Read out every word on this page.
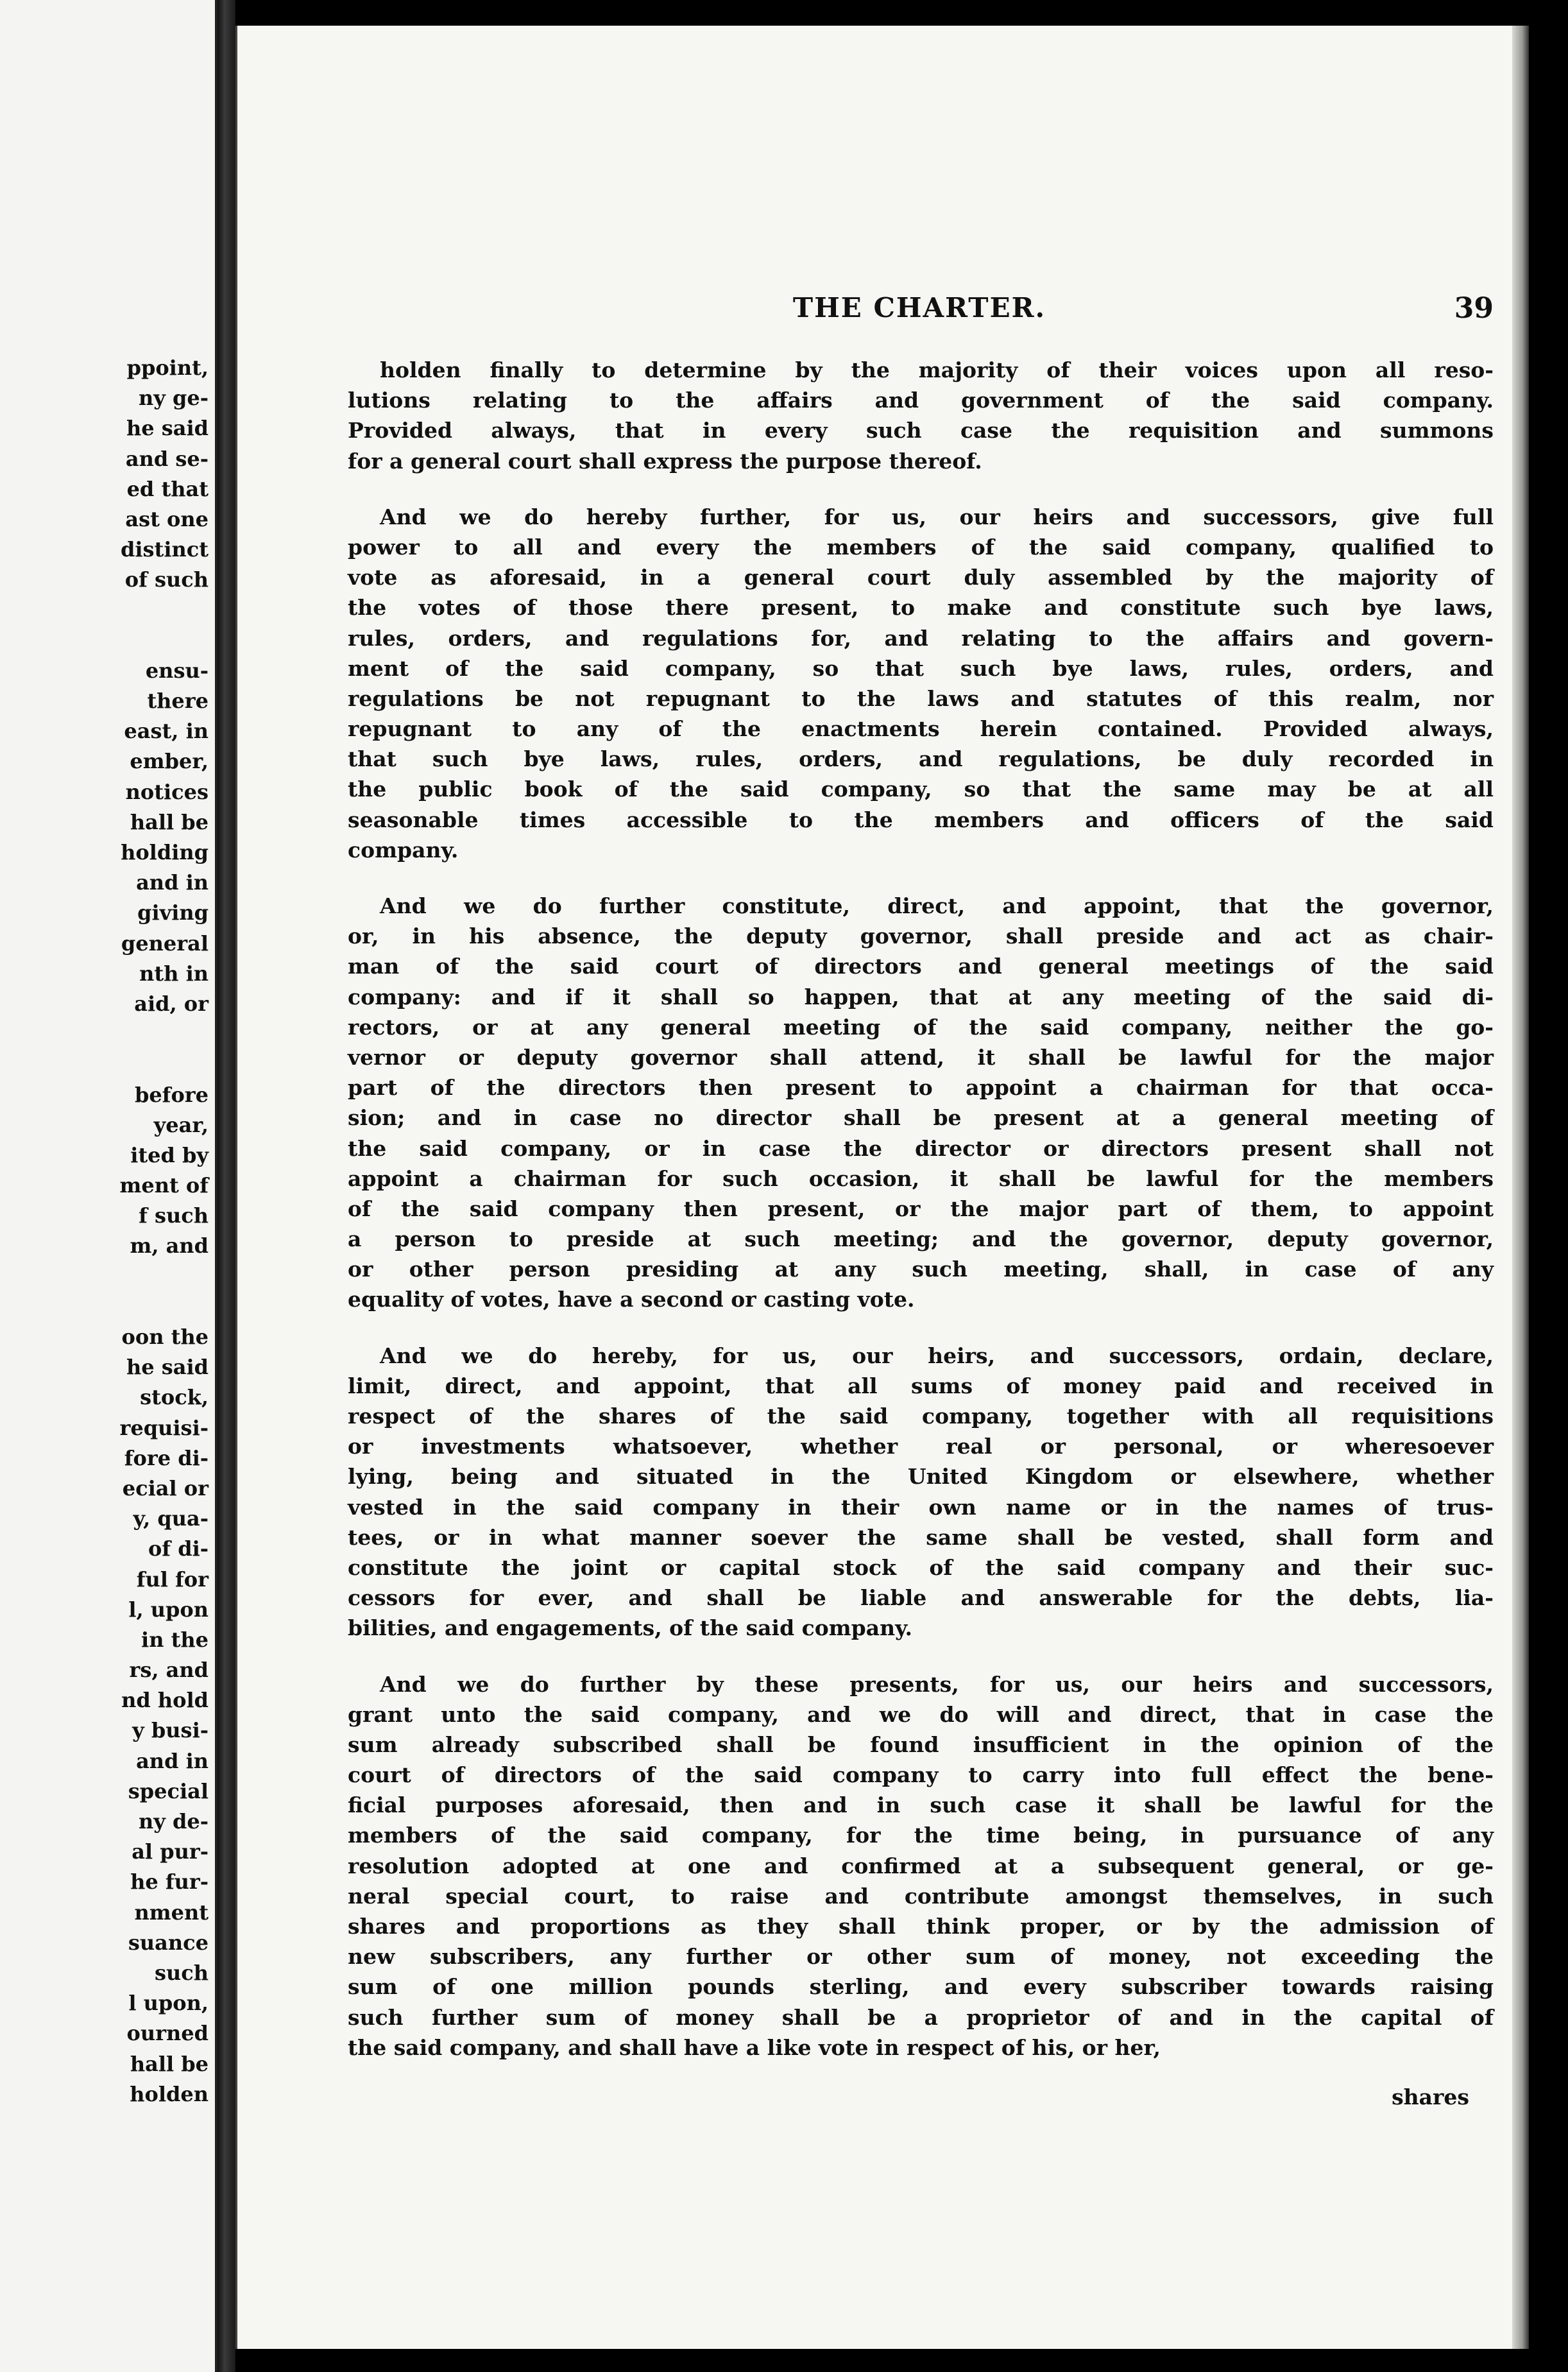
ppoint,
ny ge-
he said
and se-
ed that
ast one
distinct
of such
ensu-
there
east, in
ember,
notices
hall be
holding
and in
giving
general
nth in
aid, or
before
year,
ited by
ment of
f such
m, and
oon the
he said
stock,
requisi-
fore di-
ecial or
y, qua-
of di-
ful for
l, upon
in the
rs, and
nd hold
y busi-
and in
special
ny de-
al pur-
he fur-
nment
suance
such
l upon,
ourned
hall be
holden
THE CHARTER.	39
holden finally to determine by the majority of their voices upon all reso-
lutions relating to the affairs and government of the said company.
Provided always, that in every such case the requisition and summons
for a general court shall express the purpose thereof.
And we do hereby further, for us, our heirs and successors, give full
power to all and every the members of the said company, qualified to
vote as aforesaid, in a general court duly assembled by the majority of
the votes of those there present, to make and constitute such bye laws,
rules, orders, and regulations for, and relating to the affairs and govern-
ment of the said company, so that such bye laws, rules, orders, and
regulations be not repugnant to the laws and statutes of this realm, nor
repugnant to any of the enactments herein contained. Provided always,
that such bye laws, rules, orders, and regulations, be duly recorded in
the public book of the said company, so that the same may be at all
seasonable times accessible to the members and officers of the said
company.
And we do further constitute, direct, and appoint, that the governor,
or, in his absence, the deputy governor, shall preside and act as chair-
man of the said court of directors and general meetings of the said
company: and if it shall so happen, that at any meeting of the said di-
rectors, or at any general meeting of the said company, neither the go-
vernor or deputy governor shall attend, it shall be lawful for the major
part of the directors then present to appoint a chairman for that occa-
sion; and in case no director shall be present at a general meeting of
the said company, or in case the director or directors present shall not
appoint a chairman for such occasion, it shall be lawful for the members
of the said company then present, or the major part of them, to appoint
a person to preside at such meeting; and the governor, deputy governor,
or other person presiding at any such meeting, shall, in case of any
equality of votes, have a second or casting vote.
And we do hereby, for us, our heirs, and successors, ordain, declare,
limit, direct, and appoint, that all sums of money paid and received in
respect of the shares of the said company, together with all requisitions
or investments whatsoever, whether real or personal, or wheresoever
lying, being and situated in the United Kingdom or elsewhere, whether
vested in the said company in their own name or in the names of trus-
tees, or in what manner soever the same shall be vested, shall form and
constitute the joint or capital stock of the said company and their suc-
cessors for ever, and shall be liable and answerable for the debts, lia-
bilities, and engagements, of the said company.
And we do further by these presents, for us, our heirs and successors,
grant unto the said company, and we do will and direct, that in case the
sum already subscribed shall be found insufficient in the opinion of the
court of directors of the said company to carry into full effect the bene-
ficial purposes aforesaid, then and in such case it shall be lawful for the
members of the said company, for the time being, in pursuance of any
resolution adopted at one and confirmed at a subsequent general, or ge-
neral special court, to raise and contribute amongst themselves, in such
shares and proportions as they shall think proper, or by the admission of
new subscribers, any further or other sum of money, not exceeding the
sum of one million pounds sterling, and every subscriber towards raising
such further sum of money shall be a proprietor of and in the capital of
the said company, and shall have a like vote in respect of his, or her,
shares
